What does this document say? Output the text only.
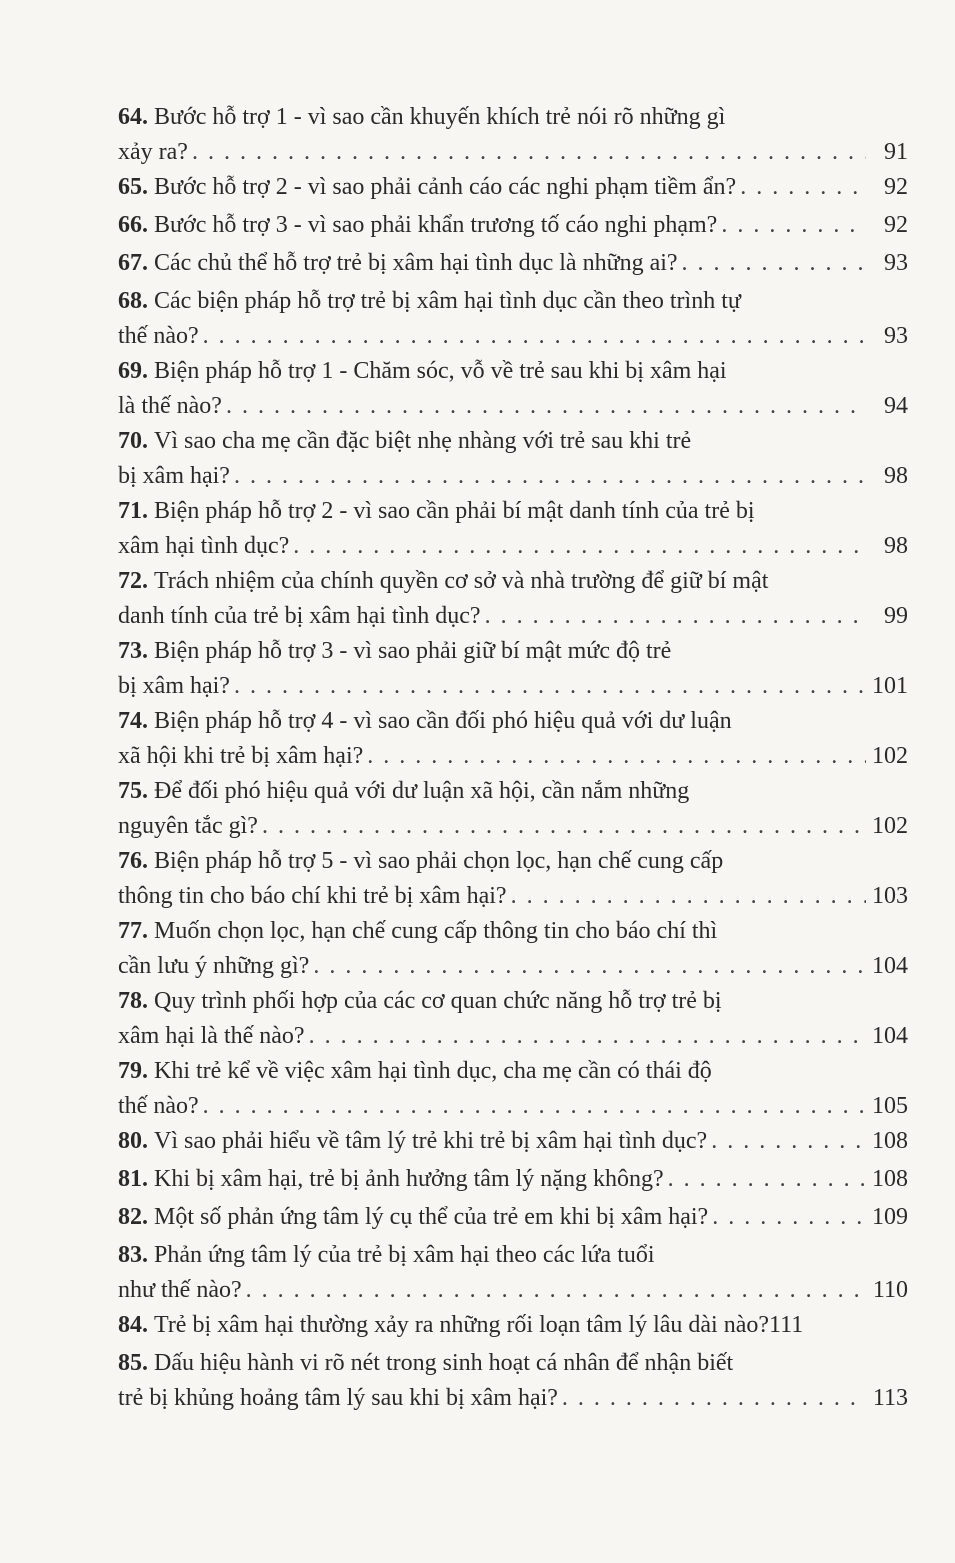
64.
Bước hỗ trợ 1 - vì sao cần khuyến khích trẻ nói rõ những gì
xảy ra? . . .	91

65.
Bước hỗ trợ 2 - vì sao phải cảnh cáo các nghi phạm tiềm ẩn? . . .	92

66.
Bước hỗ trợ 3 - vì sao phải khẩn trương tố cáo nghi phạm? . . .	92

67.
Các chủ thể hỗ trợ trẻ bị xâm hại tình dục là những ai? . . .	93

68.
Các biện pháp hỗ trợ trẻ bị xâm hại tình dục cần theo trình tự
thế nào? . . .	93

69.
Biện pháp hỗ trợ 1 - Chăm sóc, vỗ về trẻ sau khi bị xâm hại
là thế nào? . . .	94

70.
Vì sao cha mẹ cần đặc biệt nhẹ nhàng với trẻ sau khi trẻ
bị xâm hại? . . .	98

71.
Biện pháp hỗ trợ 2 - vì sao cần phải bí mật danh tính của trẻ bị
xâm hại tình dục? . . .	98

72.
Trách nhiệm của chính quyền cơ sở và nhà trường để giữ bí mật
danh tính của trẻ bị xâm hại tình dục? . . .	99

73.
Biện pháp hỗ trợ 3 - vì sao phải giữ bí mật mức độ trẻ
bị xâm hại? . . .	101

74.
Biện pháp hỗ trợ 4 - vì sao cần đối phó hiệu quả với dư luận
xã hội khi trẻ bị xâm hại? . . .	102

75.
Để đối phó hiệu quả với dư luận xã hội, cần nắm những
nguyên tắc gì? . . .	102

76.
Biện pháp hỗ trợ 5 - vì sao phải chọn lọc, hạn chế cung cấp
thông tin cho báo chí khi trẻ bị xâm hại? . . .	103

77.
Muốn chọn lọc, hạn chế cung cấp thông tin cho báo chí thì
cần lưu ý những gì? . . .	104

78.
Quy trình phối hợp của các cơ quan chức năng hỗ trợ trẻ bị
xâm hại là thế nào? . . .	104

79.
Khi trẻ kể về việc xâm hại tình dục, cha mẹ cần có thái độ
thế nào? . . .	105

80.
Vì sao phải hiểu về tâm lý trẻ khi trẻ bị xâm hại tình dục? . . .	108

81.
Khi bị xâm hại, trẻ bị ảnh hưởng tâm lý nặng không? . . .	108

82.
Một số phản ứng tâm lý cụ thể của trẻ em khi bị xâm hại? . . .	109

83.
Phản ứng tâm lý của trẻ bị xâm hại theo các lứa tuổi
như thế nào? . . .	110

84.
Trẻ bị xâm hại thường xảy ra những rối loạn tâm lý lâu dài nào?111

85.
Dấu hiệu hành vi rõ nét trong sinh hoạt cá nhân để nhận biết
trẻ bị khủng hoảng tâm lý sau khi bị xâm hại? . . .	113
